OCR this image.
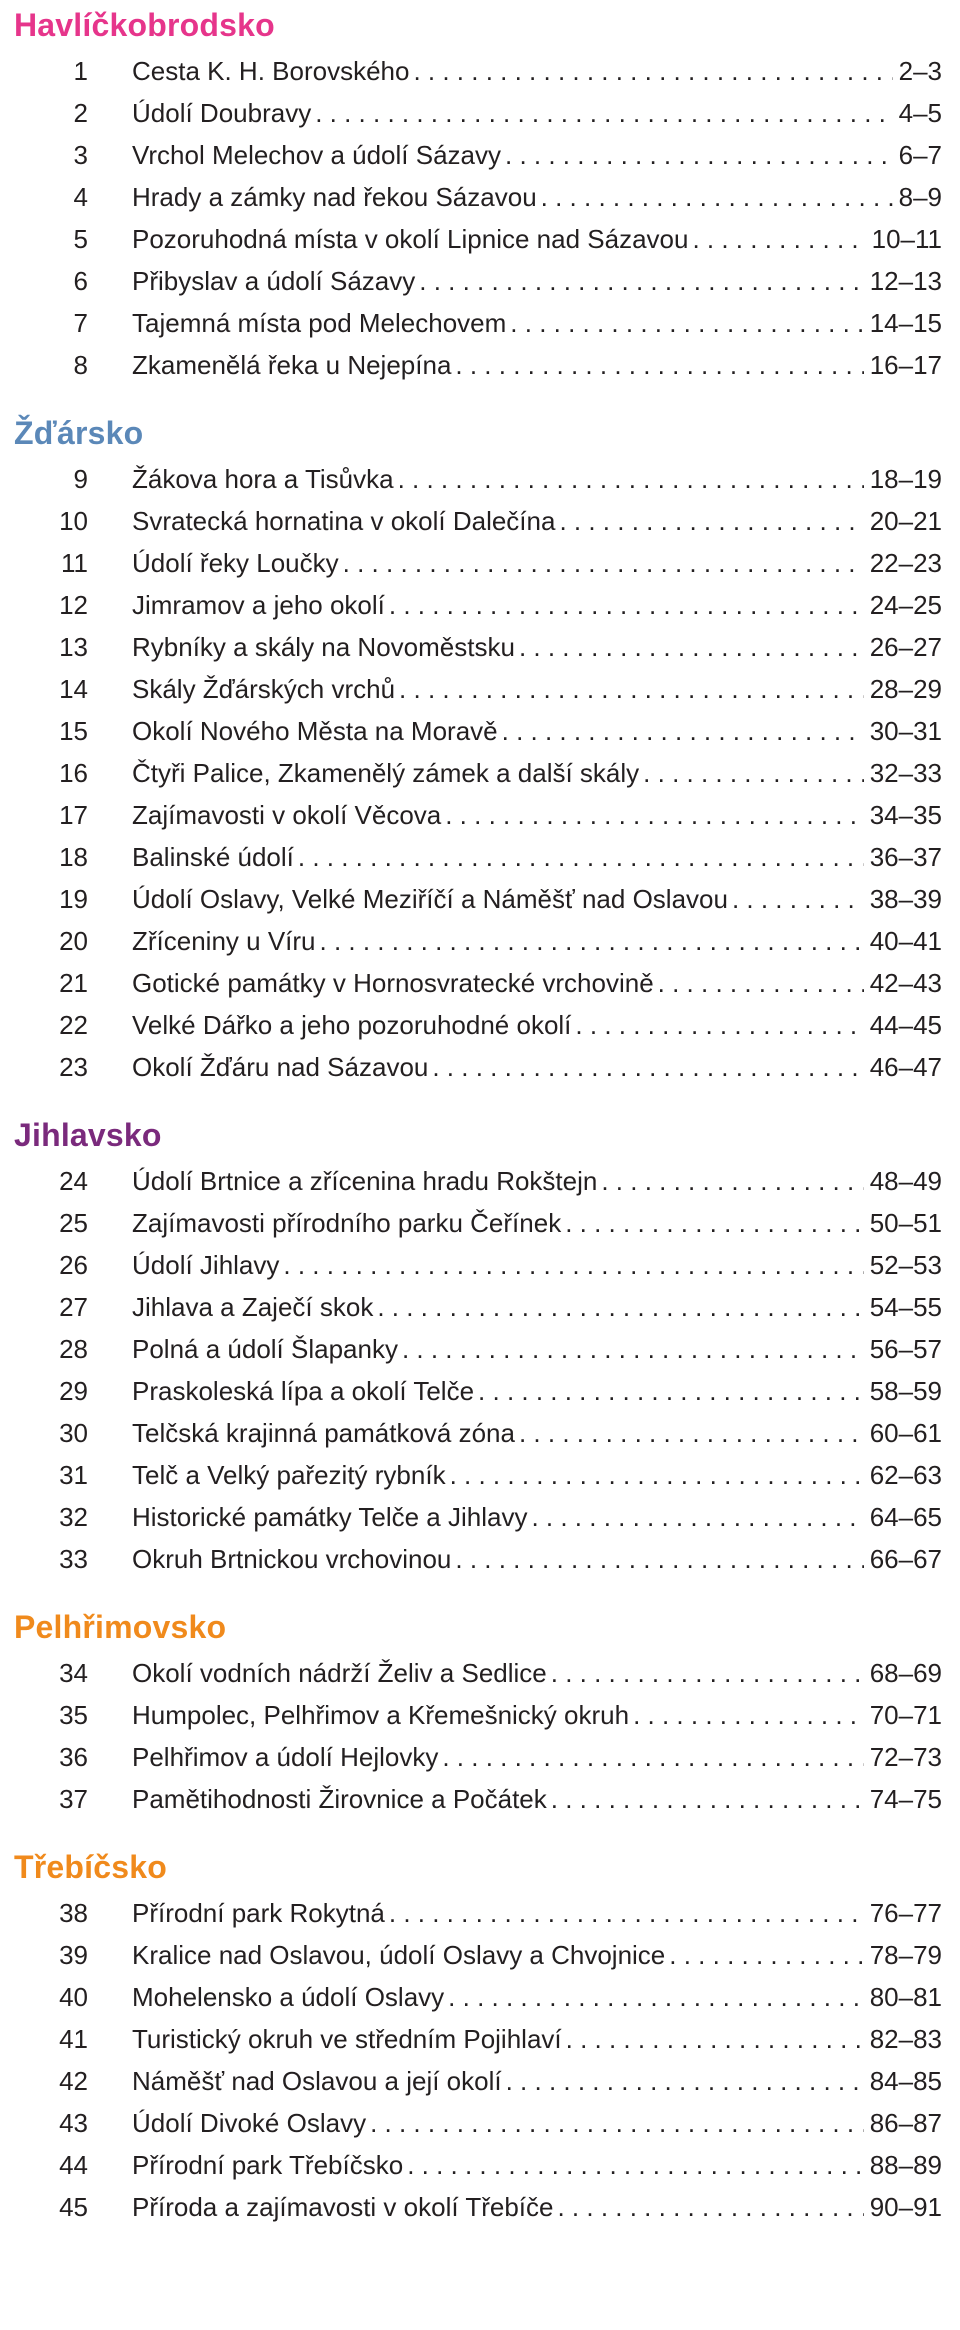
Havlíčkobrodsko
1	Cesta K. H. Borovského . . .	2–3
2	Údolí Doubravy . . .	4–5
3	Vrchol Melechov a údolí Sázavy . . .	6–7
4	Hrady a zámky nad řekou Sázavou . . .	8–9
5	Pozoruhodná místa v okolí Lipnice nad Sázavou . . .	10–11
6	Přibyslav a údolí Sázavy . . .	12–13
7	Tajemná místa pod Melechovem . . .	14–15
8	Zkamenělá řeka u Nejepína . . .	16–17
Žďársko
9	Žákova hora a Tisůvka . . .	18–19
10	Svratecká hornatina v okolí Dalečína . . .	20–21
11	Údolí řeky Loučky . . .	22–23
12	Jimramov a jeho okolí . . .	24–25
13	Rybníky a skály na Novoměstsku . . .	26–27
14	Skály Žďárských vrchů . . .	28–29
15	Okolí Nového Města na Moravě . . .	30–31
16	Čtyři Palice, Zkamenělý zámek a další skály . . .	32–33
17	Zajímavosti v okolí Věcova . . .	34–35
18	Balinské údolí . . .	36–37
19	Údolí Oslavy, Velké Meziříčí a Náměšť nad Oslavou . . .	38–39
20	Zříceniny u Víru . . .	40–41
21	Gotické památky v Hornosvratecké vrchovině . . .	42–43
22	Velké Dářko a jeho pozoruhodné okolí . . .	44–45
23	Okolí Žďáru nad Sázavou . . .	46–47
Jihlavsko
24	Údolí Brtnice a zřícenina hradu Rokštejn . . .	48–49
25	Zajímavosti přírodního parku Čeřínek . . .	50–51
26	Údolí Jihlavy . . .	52–53
27	Jihlava a Zaječí skok . . .	54–55
28	Polná a údolí Šlapanky . . .	56–57
29	Praskoleská lípa a okolí Telče . . .	58–59
30	Telčská krajinná památková zóna . . .	60–61
31	Telč a Velký pařezitý rybník . . .	62–63
32	Historické památky Telče a Jihlavy . . .	64–65
33	Okruh Brtnickou vrchovinou . . .	66–67
Pelhřimovsko
34	Okolí vodních nádrží Želiv a Sedlice . . .	68–69
35	Humpolec, Pelhřimov a Křemešnický okruh . . .	70–71
36	Pelhřimov a údolí Hejlovky . . .	72–73
37	Pamětihodnosti Žirovnice a Počátek . . .	74–75
Třebíčsko
38	Přírodní park Rokytná . . .	76–77
39	Kralice nad Oslavou, údolí Oslavy a Chvojnice . . .	78–79
40	Mohelensko a údolí Oslavy . . .	80–81
41	Turistický okruh ve středním Pojihlaví . . .	82–83
42	Náměšť nad Oslavou a její okolí . . .	84–85
43	Údolí Divoké Oslavy . . .	86–87
44	Přírodní park Třebíčsko . . .	88–89
45	Příroda a zajímavosti v okolí Třebíče . . .	90–91
